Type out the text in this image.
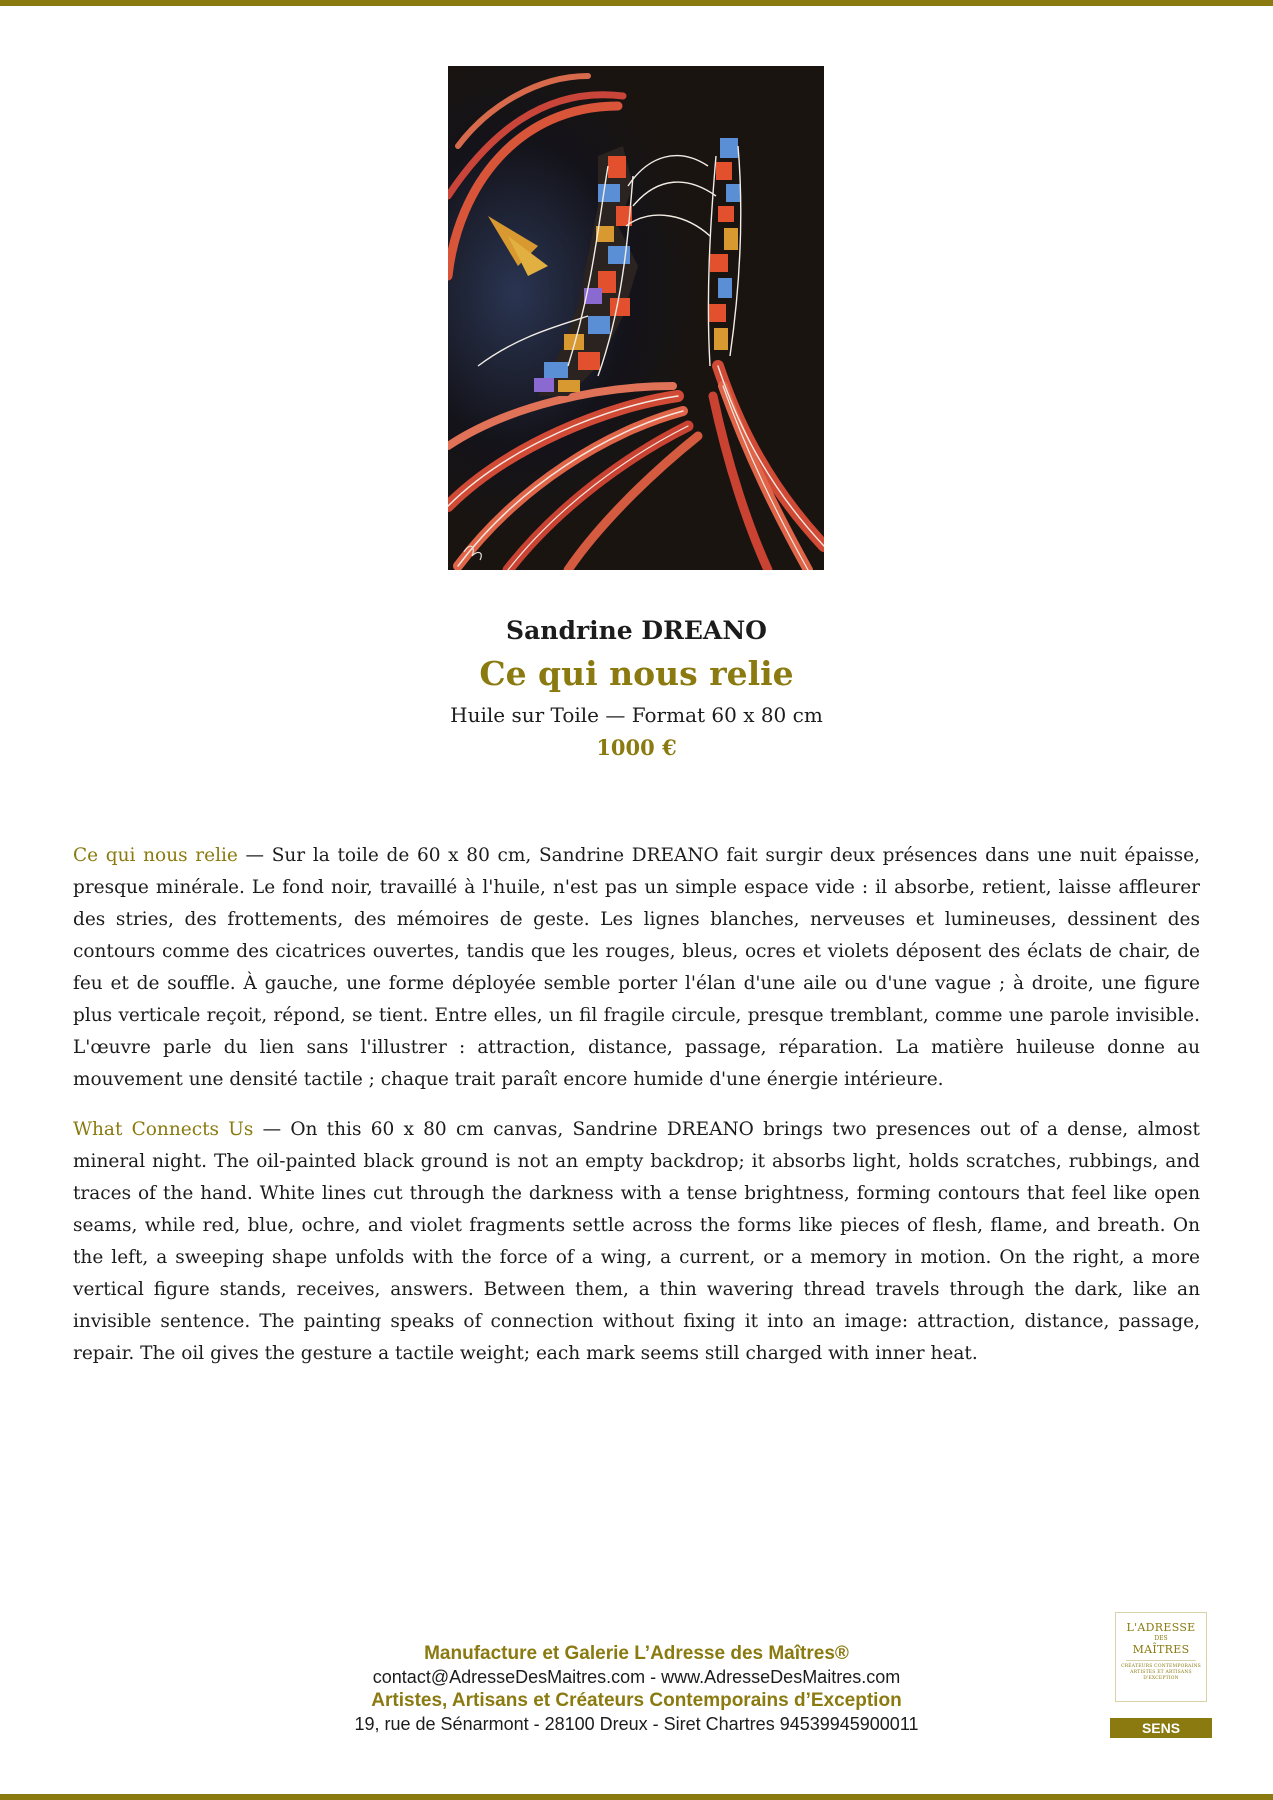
Sandrine DREANO
Ce qui nous relie
Huile sur Toile — Format 60 x 80 cm
1000 €

Ce qui nous relie — Sur la toile de 60 x 80 cm, Sandrine DREANO fait surgir deux présences dans une nuit épaisse, presque minérale. Le fond noir, travaillé à l'huile, n'est pas un simple espace vide : il absorbe, retient, laisse affleurer des stries, des frottements, des mémoires de geste. Les lignes blanches, nerveuses et lumineuses, dessinent des contours comme des cicatrices ouvertes, tandis que les rouges, bleus, ocres et violets déposent des éclats de chair, de feu et de souffle. À gauche, une forme déployée semble porter l'élan d'une aile ou d'une vague ; à droite, une figure plus verticale reçoit, répond, se tient. Entre elles, un fil fragile circule, presque tremblant, comme une parole invisible. L'œuvre parle du lien sans l'illustrer : attraction, distance, passage, réparation. La matière huileuse donne au mouvement une densité tactile ; chaque trait paraît encore humide d'une énergie intérieure.

What Connects Us — On this 60 x 80 cm canvas, Sandrine DREANO brings two presences out of a dense, almost mineral night. The oil-painted black ground is not an empty backdrop; it absorbs light, holds scratches, rubbings, and traces of the hand. White lines cut through the darkness with a tense brightness, forming contours that feel like open seams, while red, blue, ochre, and violet fragments settle across the forms like pieces of flesh, flame, and breath. On the left, a sweeping shape unfolds with the force of a wing, a current, or a memory in motion. On the right, a more vertical figure stands, receives, answers. Between them, a thin wavering thread travels through the dark, like an invisible sentence. The painting speaks of connection without fixing it into an image: attraction, distance, passage, repair. The oil gives the gesture a tactile weight; each mark seems still charged with inner heat.

Manufacture et Galerie L’Adresse des Maîtres®
contact@AdresseDesMaitres.com - www.AdresseDesMaitres.com
Artistes, Artisans et Créateurs Contemporains d’Exception
19, rue de Sénarmont - 28100 Dreux - Siret Chartres 94539945900011
L'ADRESSE
DES
MAÎTRES
CRÉATEURS CONTEMPORAINS ARTISTES ET ARTISANS D'EXCEPTION
SENS
